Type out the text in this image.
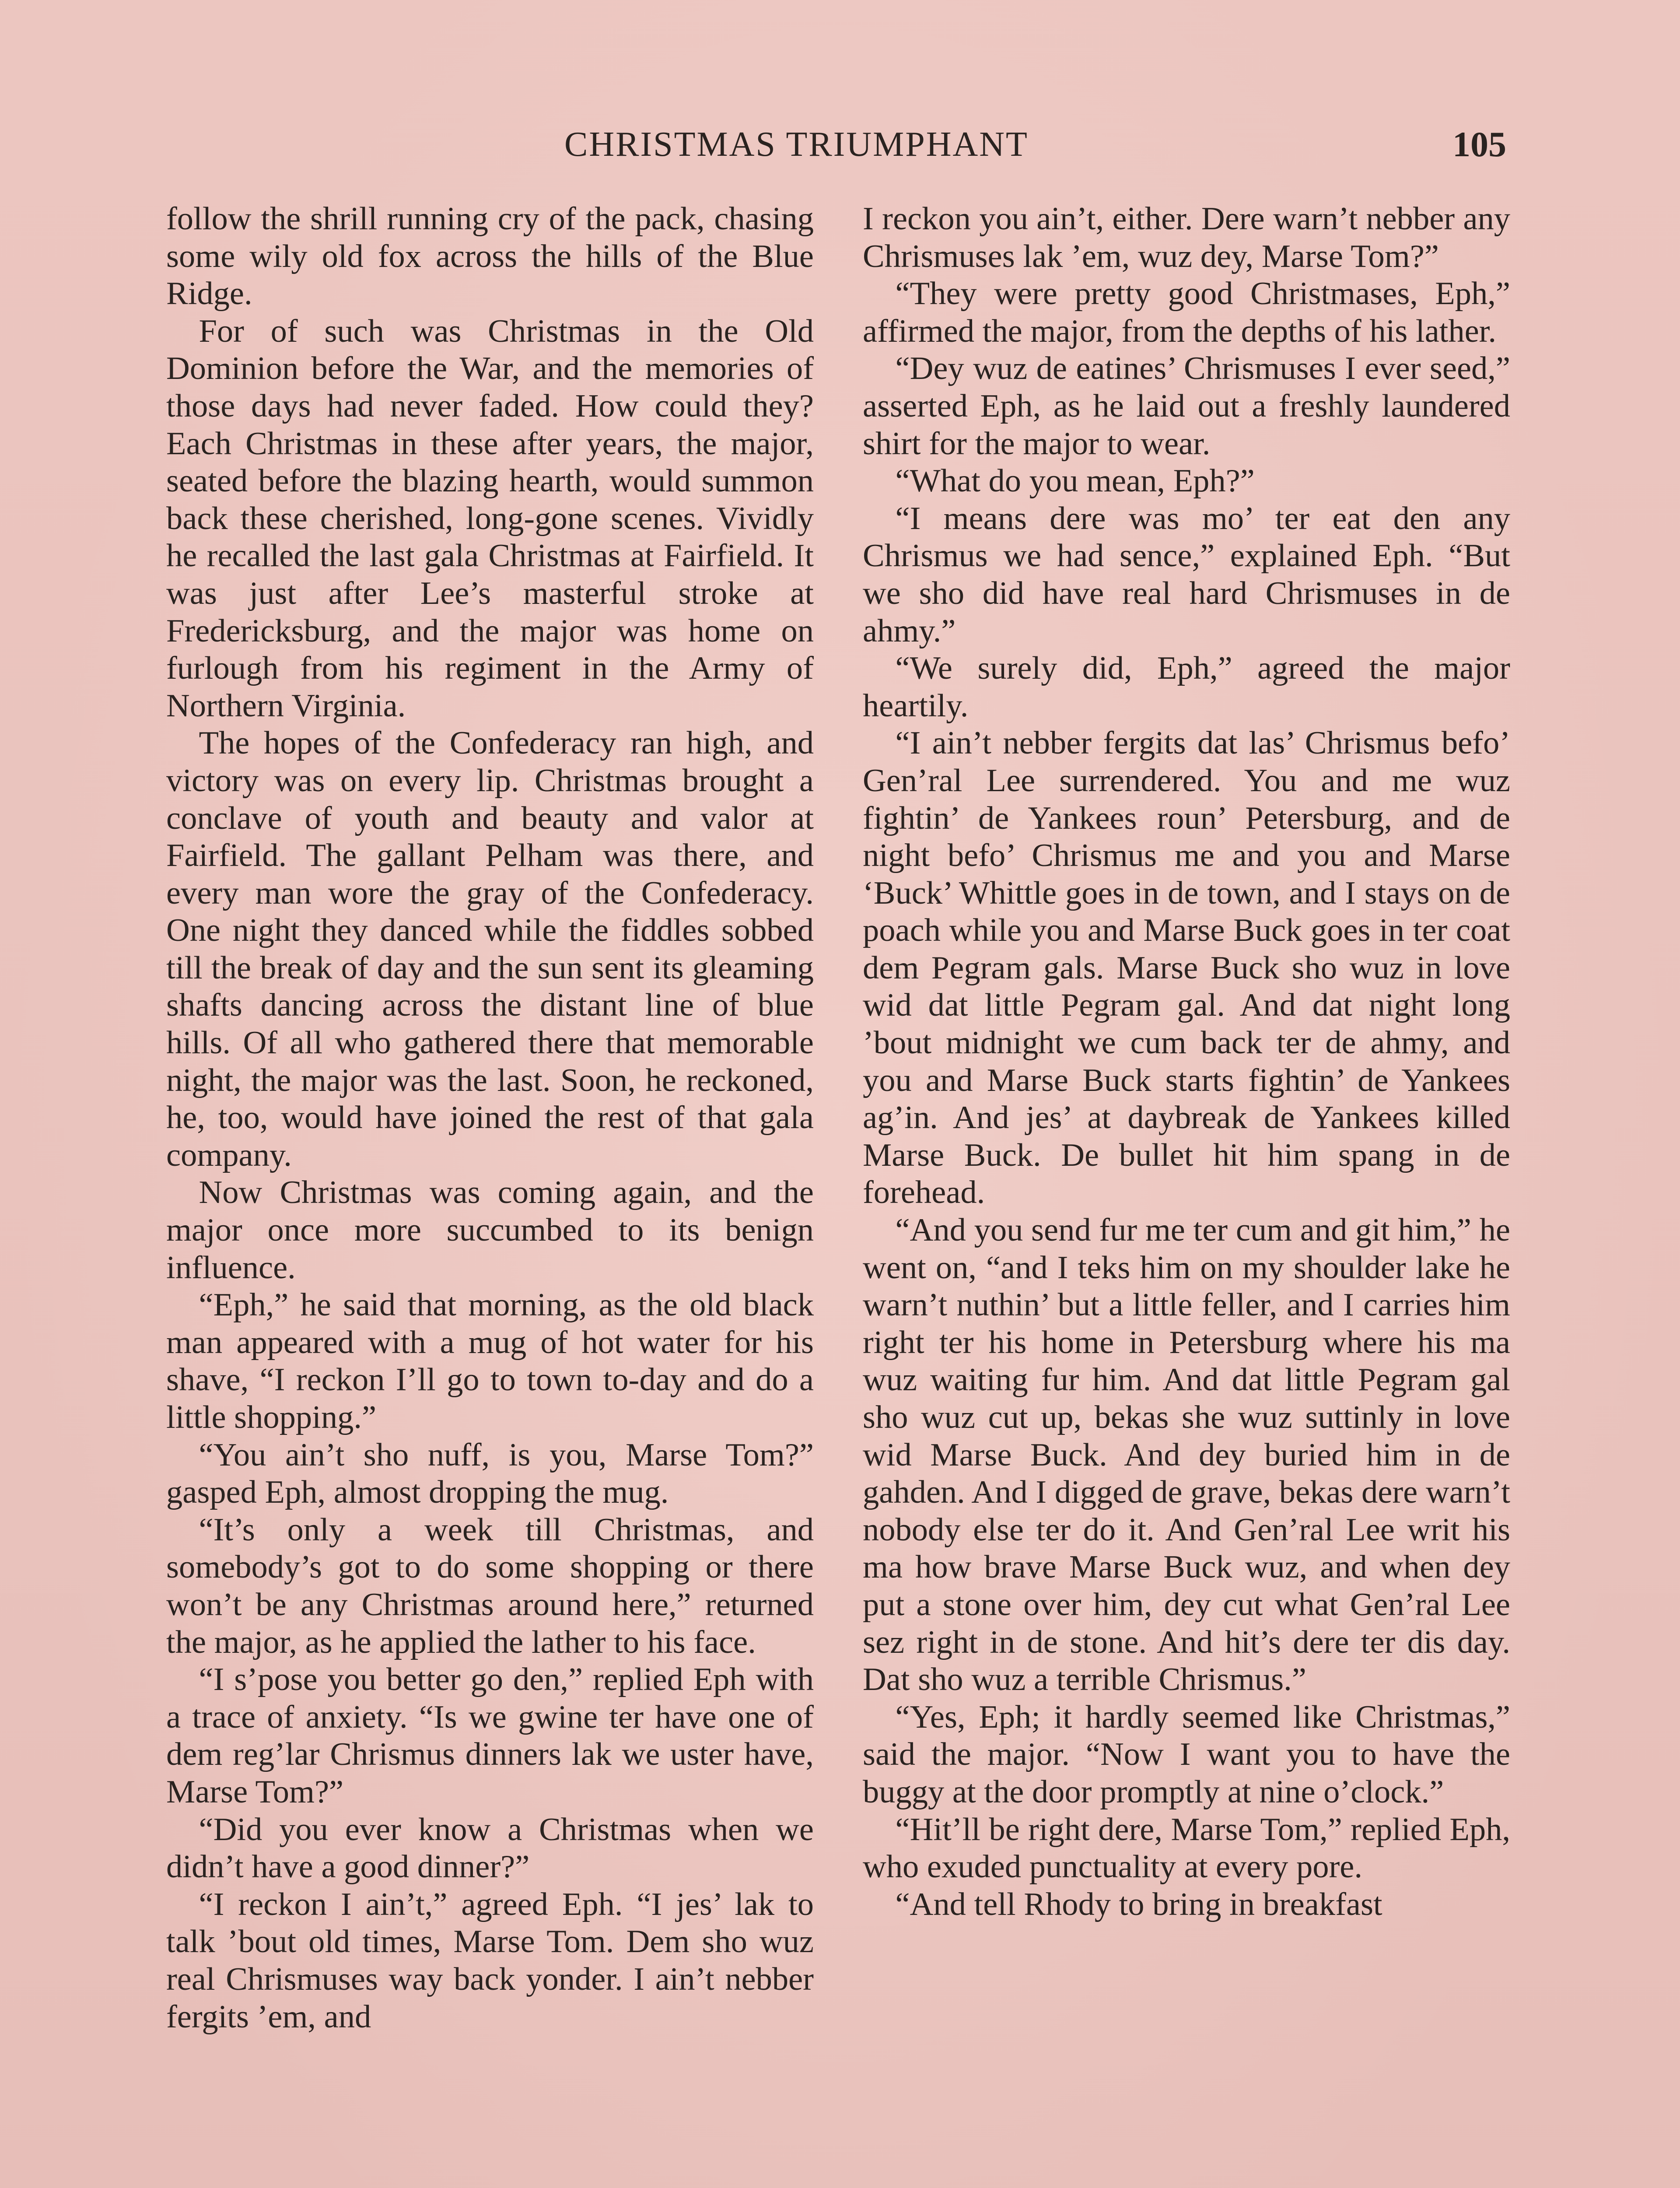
CHRISTMAS TRIUMPHANT	105

follow the shrill running cry of the pack, chasing some wily old fox across the hills of the Blue Ridge.

For of such was Christmas in the Old Dominion before the War, and the memories of those days had never faded. How could they? Each Christmas in these after years, the major, seated before the blazing hearth, would summon back these cherished, long-gone scenes. Vividly he recalled the last gala Christmas at Fairfield. It was just after Lee’s masterful stroke at Fredericksburg, and the major was home on furlough from his regiment in the Army of Northern Virginia.

The hopes of the Confederacy ran high, and victory was on every lip. Christmas brought a conclave of youth and beauty and valor at Fairfield. The gallant Pelham was there, and every man wore the gray of the Confederacy. One night they danced while the fiddles sobbed till the break of day and the sun sent its gleaming shafts dancing across the distant line of blue hills. Of all who gathered there that memorable night, the major was the last. Soon, he reckoned, he, too, would have joined the rest of that gala company.

Now Christmas was coming again, and the major once more succumbed to its benign influence.

“Eph,” he said that morning, as the old black man appeared with a mug of hot water for his shave, “I reckon I’ll go to town to-day and do a little shopping.”

“You ain’t sho nuff, is you, Marse Tom?” gasped Eph, almost dropping the mug.

“It’s only a week till Christmas, and somebody’s got to do some shopping or there won’t be any Christmas around here,” returned the major, as he applied the lather to his face.

“I s’pose you better go den,” replied Eph with a trace of anxiety. “Is we gwine ter have one of dem reg’lar Chrismus dinners lak we uster have, Marse Tom?”

“Did you ever know a Christmas when we didn’t have a good dinner?”

“I reckon I ain’t,” agreed Eph. “I jes’ lak to talk ’bout old times, Marse Tom. Dem sho wuz real Chrismuses way back yonder. I ain’t nebber fergits ’em, and

I reckon you ain’t, either. Dere warn’t nebber any Chrismuses lak ’em, wuz dey, Marse Tom?”

“They were pretty good Christmases, Eph,” affirmed the major, from the depths of his lather.

“Dey wuz de eatines’ Chrismuses I ever seed,” asserted Eph, as he laid out a freshly laundered shirt for the major to wear.

“What do you mean, Eph?”

“I means dere was mo’ ter eat den any Chrismus we had sence,” explained Eph. “But we sho did have real hard Chrismuses in de ahmy.”

“We surely did, Eph,” agreed the major heartily.

“I ain’t nebber fergits dat las’ Chrismus befo’ Gen’ral Lee surrendered. You and me wuz fightin’ de Yankees roun’ Petersburg, and de night befo’ Chrismus me and you and Marse ‘Buck’ Whittle goes in de town, and I stays on de poach while you and Marse Buck goes in ter coat dem Pegram gals. Marse Buck sho wuz in love wid dat little Pegram gal. And dat night long ’bout midnight we cum back ter de ahmy, and you and Marse Buck starts fightin’ de Yankees ag’in. And jes’ at daybreak de Yankees killed Marse Buck. De bullet hit him spang in de forehead.

“And you send fur me ter cum and git him,” he went on, “and I teks him on my shoulder lake he warn’t nuthin’ but a little feller, and I carries him right ter his home in Petersburg where his ma wuz waiting fur him. And dat little Pegram gal sho wuz cut up, bekas she wuz suttinly in love wid Marse Buck. And dey buried him in de gahden. And I digged de grave, bekas dere warn’t nobody else ter do it. And Gen’ral Lee writ his ma how brave Marse Buck wuz, and when dey put a stone over him, dey cut what Gen’ral Lee sez right in de stone. And hit’s dere ter dis day. Dat sho wuz a terrible Chrismus.”

“Yes, Eph; it hardly seemed like Christmas,” said the major. “Now I want you to have the buggy at the door promptly at nine o’clock.”

“Hit’ll be right dere, Marse Tom,” replied Eph, who exuded punctuality at every pore.

“And tell Rhody to bring in breakfast
